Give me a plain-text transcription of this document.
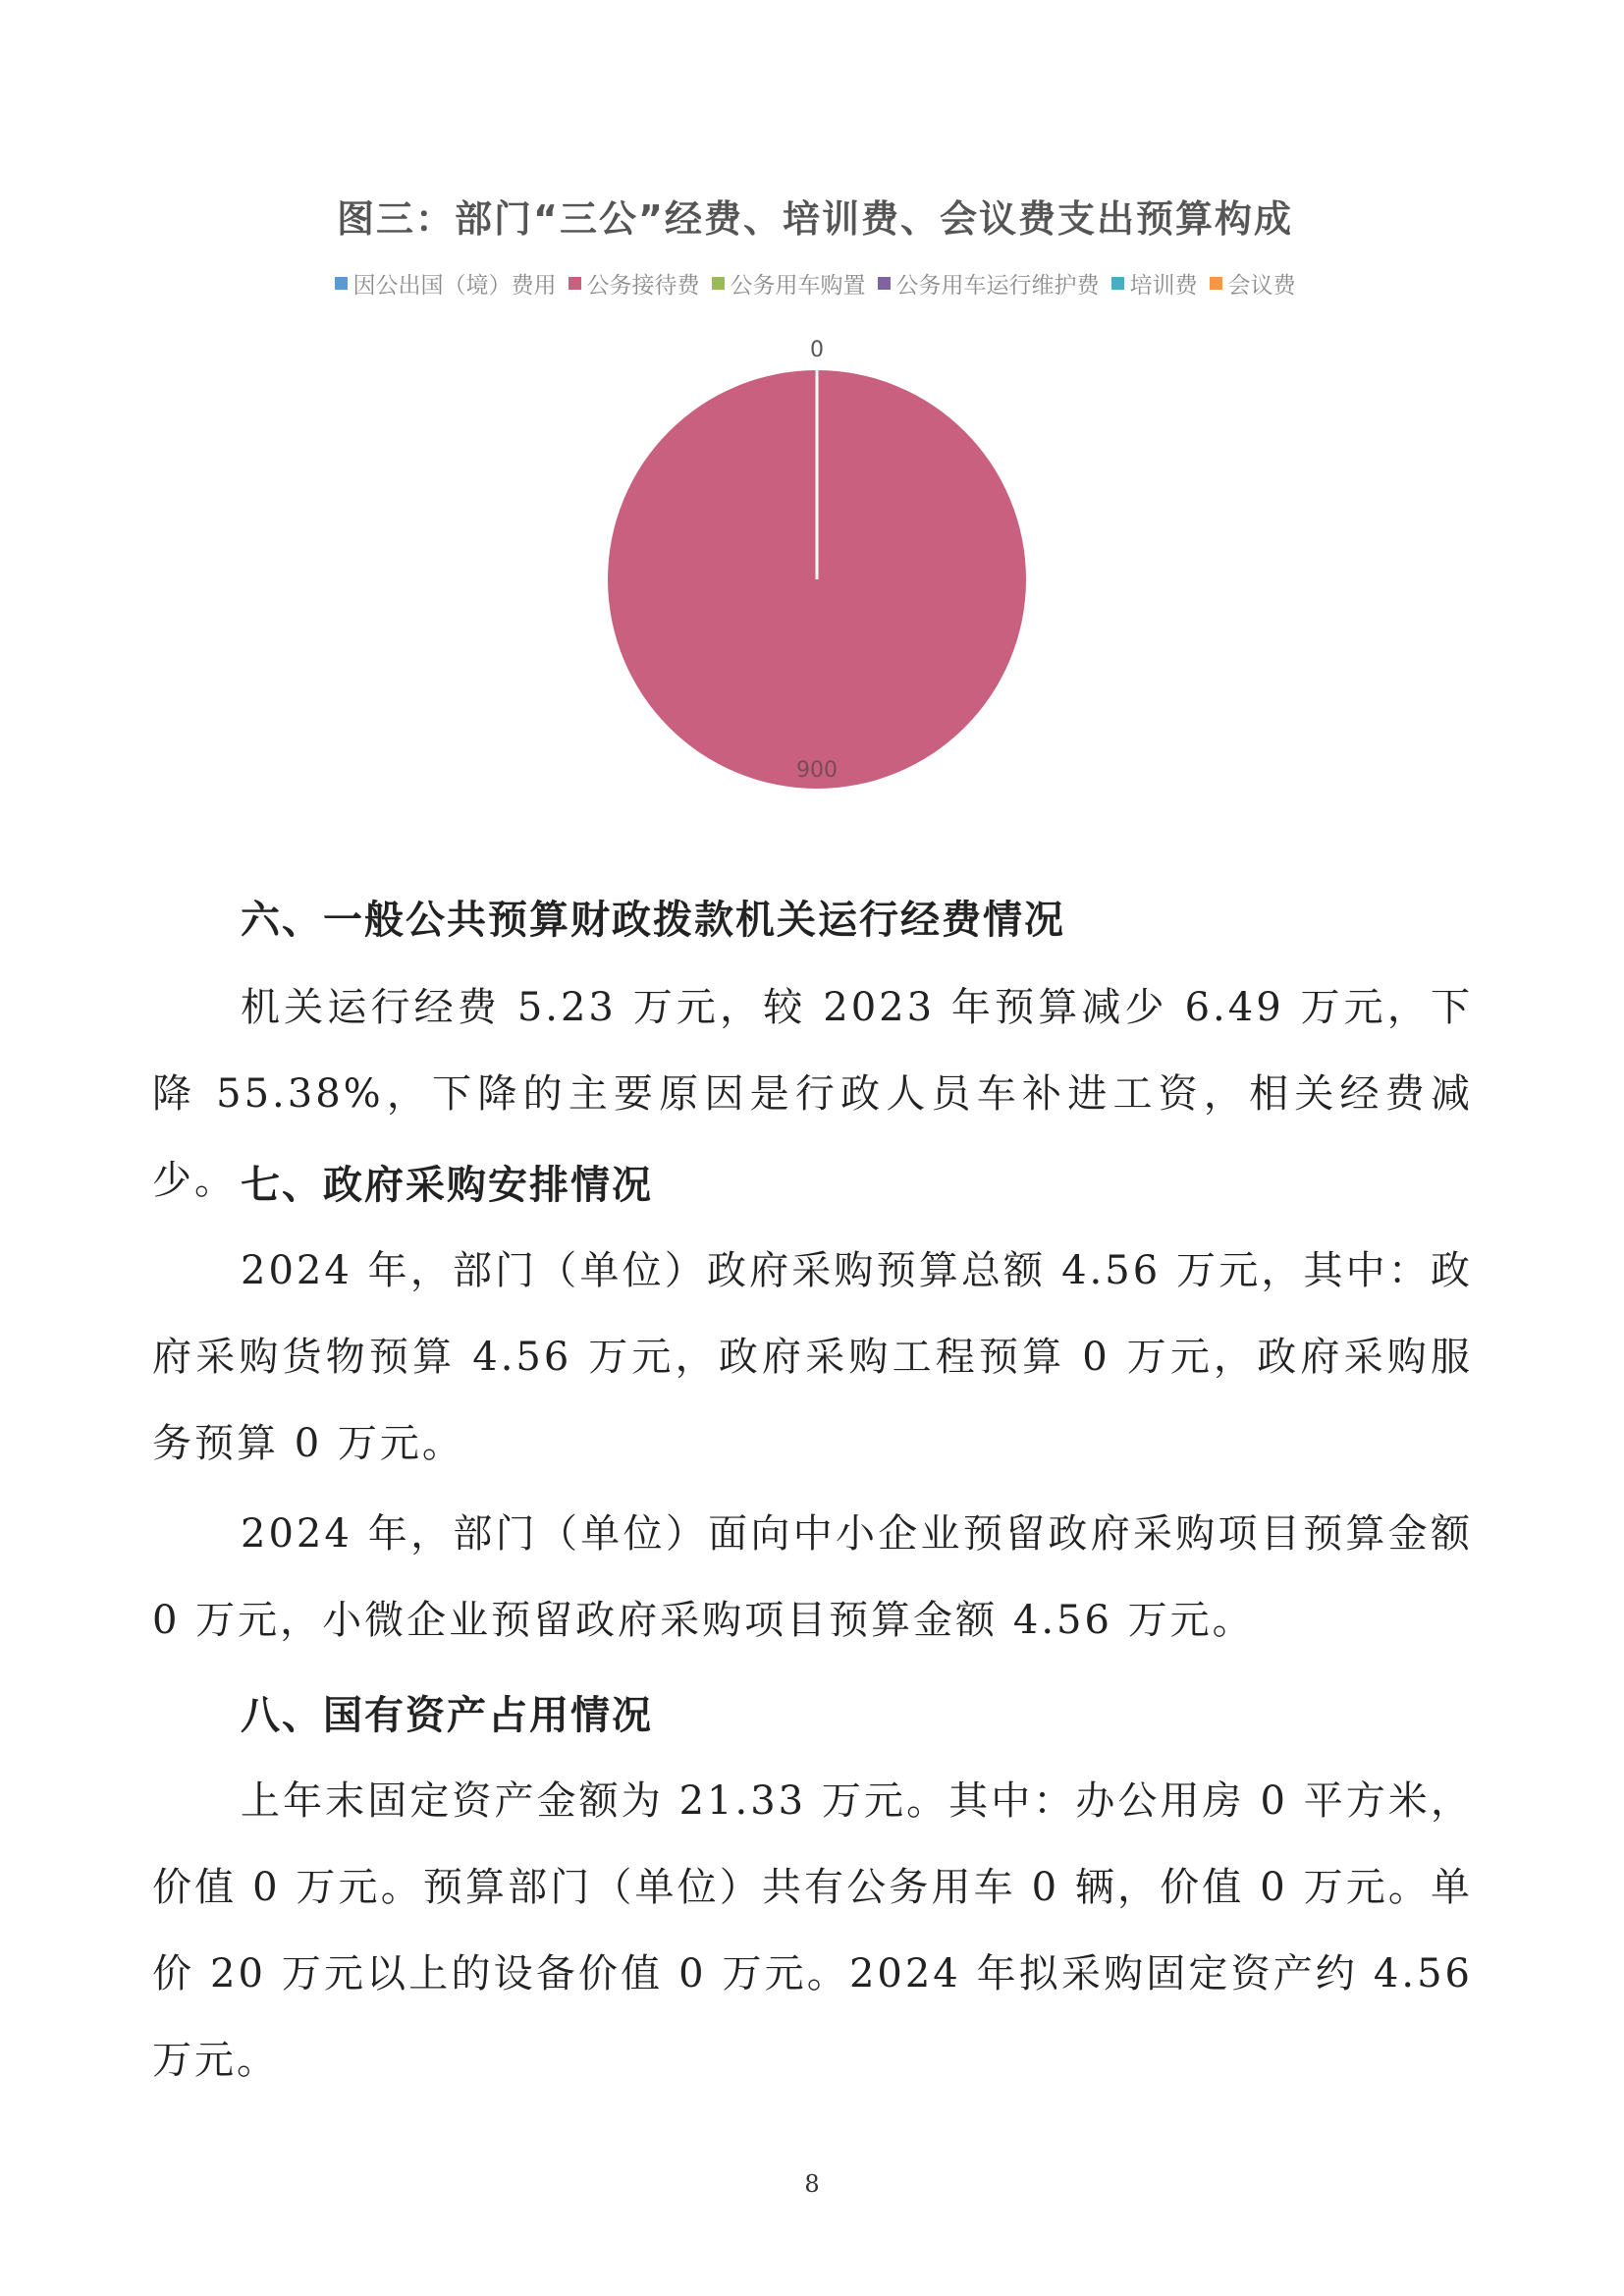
图三：部门“三公”经费、培训费、会议费支出预算构成
因公出国（境）费用 公务接待费 公务用车购置 公务用车运行维护费 培训费 会议费
0
900
六、一般公共预算财政拨款机关运行经费情况

机关运行经费 5.23 万元，较 2023 年预算减少 6.49 万元，下降 55.38%，下降的主要原因是行政人员车补进工资，相关经费减少。 七、政府采购安排情况

2024 年，部门（单位）政府采购预算总额 4.56 万元，其中：政府采购货物预算 4.56 万元，政府采购工程预算 0 万元，政府采购服务预算 0 万元。

2024 年，部门（单位）面向中小企业预留政府采购项目预算金额 0 万元，小微企业预留政府采购项目预算金额 4.56 万元。

八、国有资产占用情况

上年末固定资产金额为 21.33 万元。其中：办公用房 0 平方米，价值 0 万元。预算部门（单位）共有公务用车 0 辆，价值 0 万元。单价 20 万元以上的设备价值 0 万元。2024 年拟采购固定资产约 4.56 万元。

8
